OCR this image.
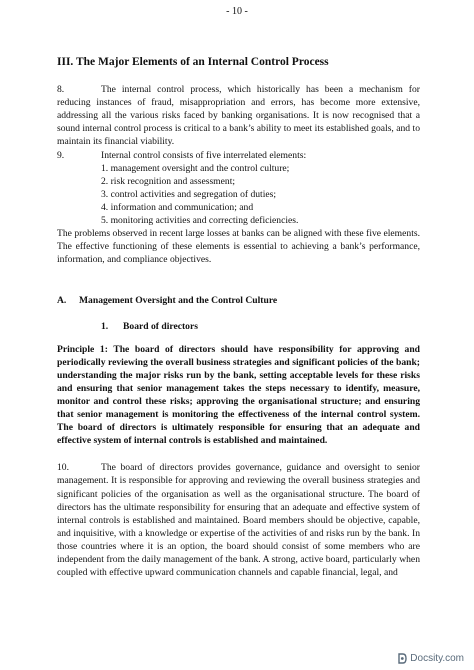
- 10 -
III. The Major Elements of an Internal Control Process

8.	The internal control process, which historically has been a mechanism for reducing instances of fraud, misappropriation and errors, has become more extensive, addressing all the various risks faced by banking organisations. It is now recognised that a sound internal control process is critical to a bank’s ability to meet its established goals, and to maintain its financial viability.

9.	Internal control consists of five interrelated elements:

1. management oversight and the control culture;
2. risk recognition and assessment;
3. control activities and segregation of duties;
4. information and communication; and
5. monitoring activities and correcting deficiencies.

The problems observed in recent large losses at banks can be aligned with these five elements. The effective functioning of these elements is essential to achieving a bank’s performance, information, and compliance objectives.

A. Management Oversight and the Control Culture
1. Board of directors

Principle 1: The board of directors should have responsibility for approving and periodically reviewing the overall business strategies and significant policies of the bank; understanding the major risks run by the bank, setting acceptable levels for these risks and ensuring that senior management takes the steps necessary to identify, measure, monitor and control these risks; approving the organisational structure; and ensuring that senior management is monitoring the effectiveness of the internal control system. The board of directors is ultimately responsible for ensuring that an adequate and effective system of internal controls is established and maintained.

10.	The board of directors provides governance, guidance and oversight to senior management. It is responsible for approving and reviewing the overall business strategies and significant policies of the organisation as well as the organisational structure. The board of directors has the ultimate responsibility for ensuring that an adequate and effective system of internal controls is established and maintained. Board members should be objective, capable, and inquisitive, with a knowledge or expertise of the activities of and risks run by the bank. In those countries where it is an option, the board should consist of some members who are independent from the daily management of the bank. A strong, active board, particularly when coupled with effective upward communication channels and capable financial, legal, and

Docsity.com
